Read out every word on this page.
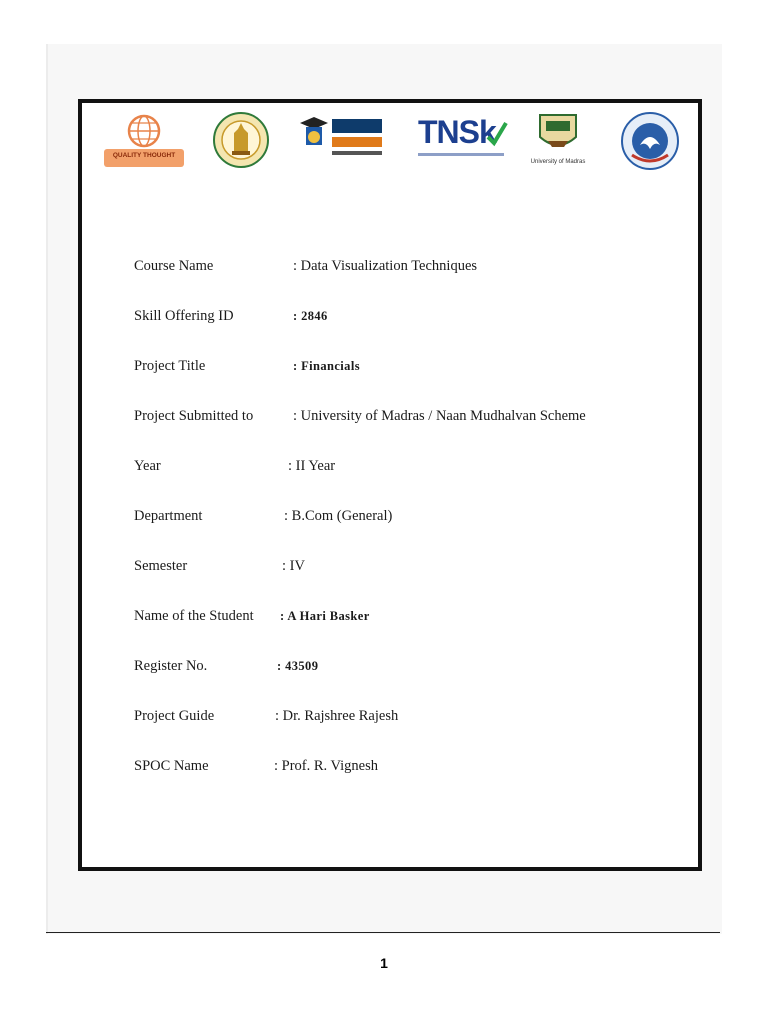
QUALITY THOUGHT
TNSk
University of Madras
Course Name	: Data Visualization Techniques
Skill Offering ID	: 2846
Project Title	: Financials
Project Submitted to	: University of Madras / Naan Mudhalvan Scheme
Year	: II Year
Department	: B.Com (General)
Semester	: IV
Name of the Student : A Hari Basker
Register No.	: 43509
Project Guide	: Dr. Rajshree Rajesh
SPOC Name	: Prof. R. Vignesh
1
